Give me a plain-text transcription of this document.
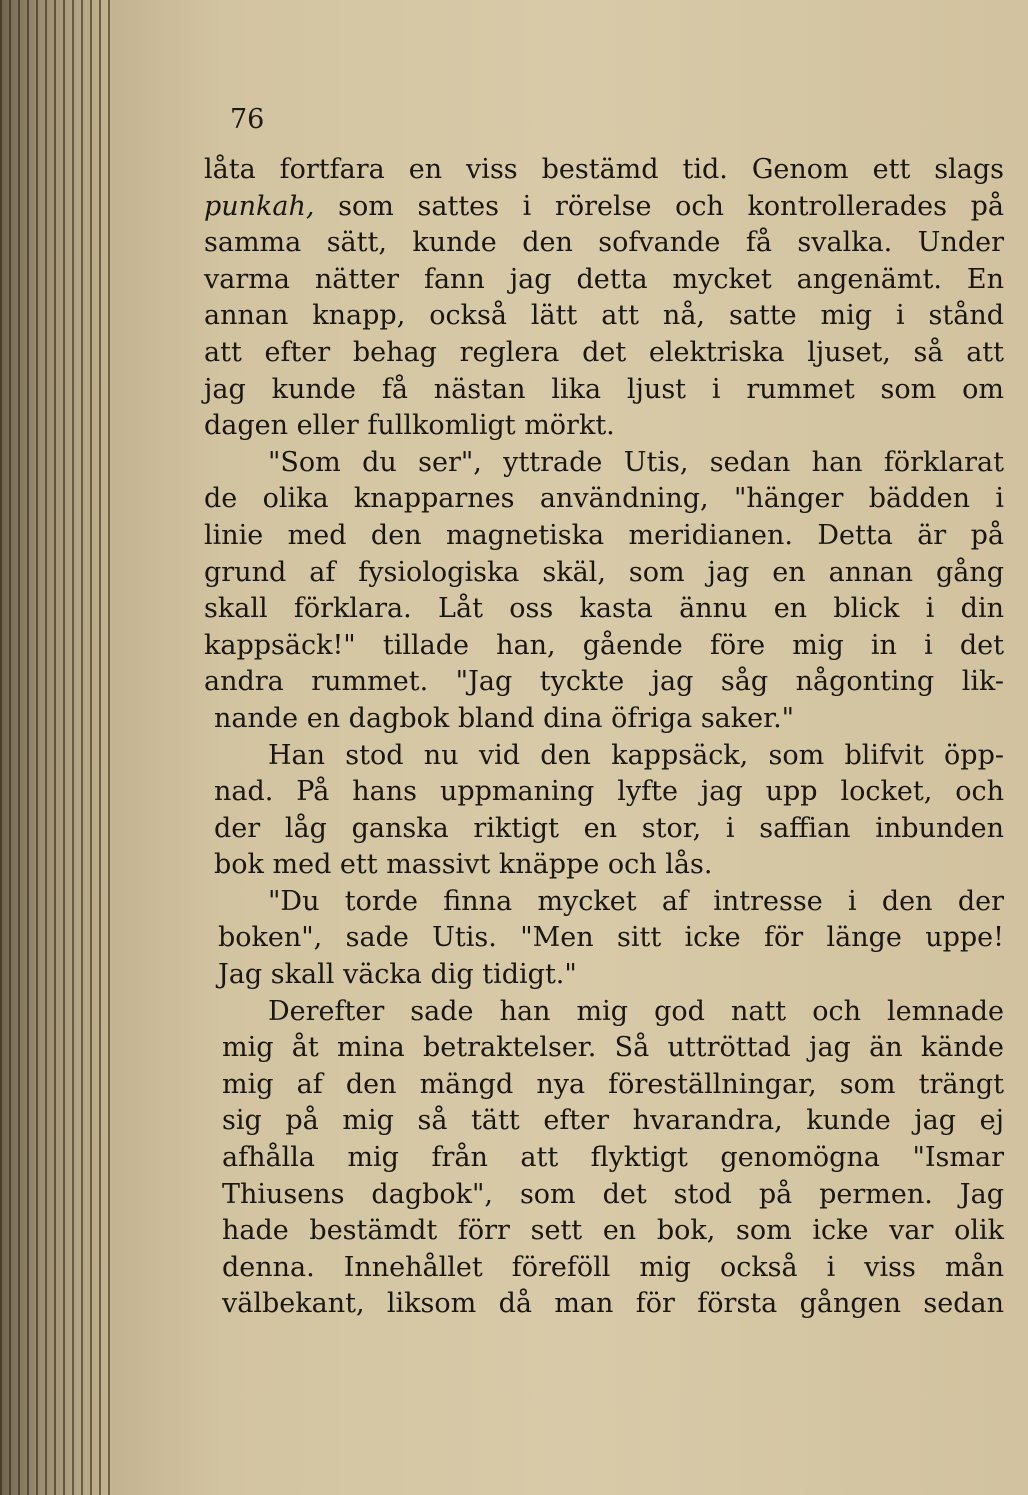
76
låta fortfara en viss bestämd tid. Genom ett slags
punkah, som sattes i rörelse och kontrollerades på
samma sätt, kunde den sofvande få svalka. Under
varma nätter fann jag detta mycket angenämt. En
annan knapp, också lätt att nå, satte mig i stånd
att efter behag reglera det elektriska ljuset, så att
jag kunde få nästan lika ljust i rummet som om
dagen eller fullkomligt mörkt.
"Som du ser", yttrade Utis, sedan han förklarat
de olika knapparnes användning, "hänger bädden i
linie med den magnetiska meridianen. Detta är på
grund af fysiologiska skäl, som jag en annan gång
skall förklara. Låt oss kasta ännu en blick i din
kappsäck!" tillade han, gående före mig in i det
andra rummet. "Jag tyckte jag såg någonting lik-
nande en dagbok bland dina öfriga saker."
Han stod nu vid den kappsäck, som blifvit öpp-
nad. På hans uppmaning lyfte jag upp locket, och
der låg ganska riktigt en stor, i saffian inbunden
bok med ett massivt knäppe och lås.
"Du torde finna mycket af intresse i den der
boken", sade Utis. "Men sitt icke för länge uppe!
Jag skall väcka dig tidigt."
Derefter sade han mig god natt och lemnade
mig åt mina betraktelser. Så uttröttad jag än kände
mig af den mängd nya föreställningar, som trängt
sig på mig så tätt efter hvarandra, kunde jag ej
afhålla mig från att flyktigt genomögna "Ismar
Thiusens dagbok", som det stod på permen. Jag
hade bestämdt förr sett en bok, som icke var olik
denna. Innehållet föreföll mig också i viss mån
välbekant, liksom då man för första gången sedan
